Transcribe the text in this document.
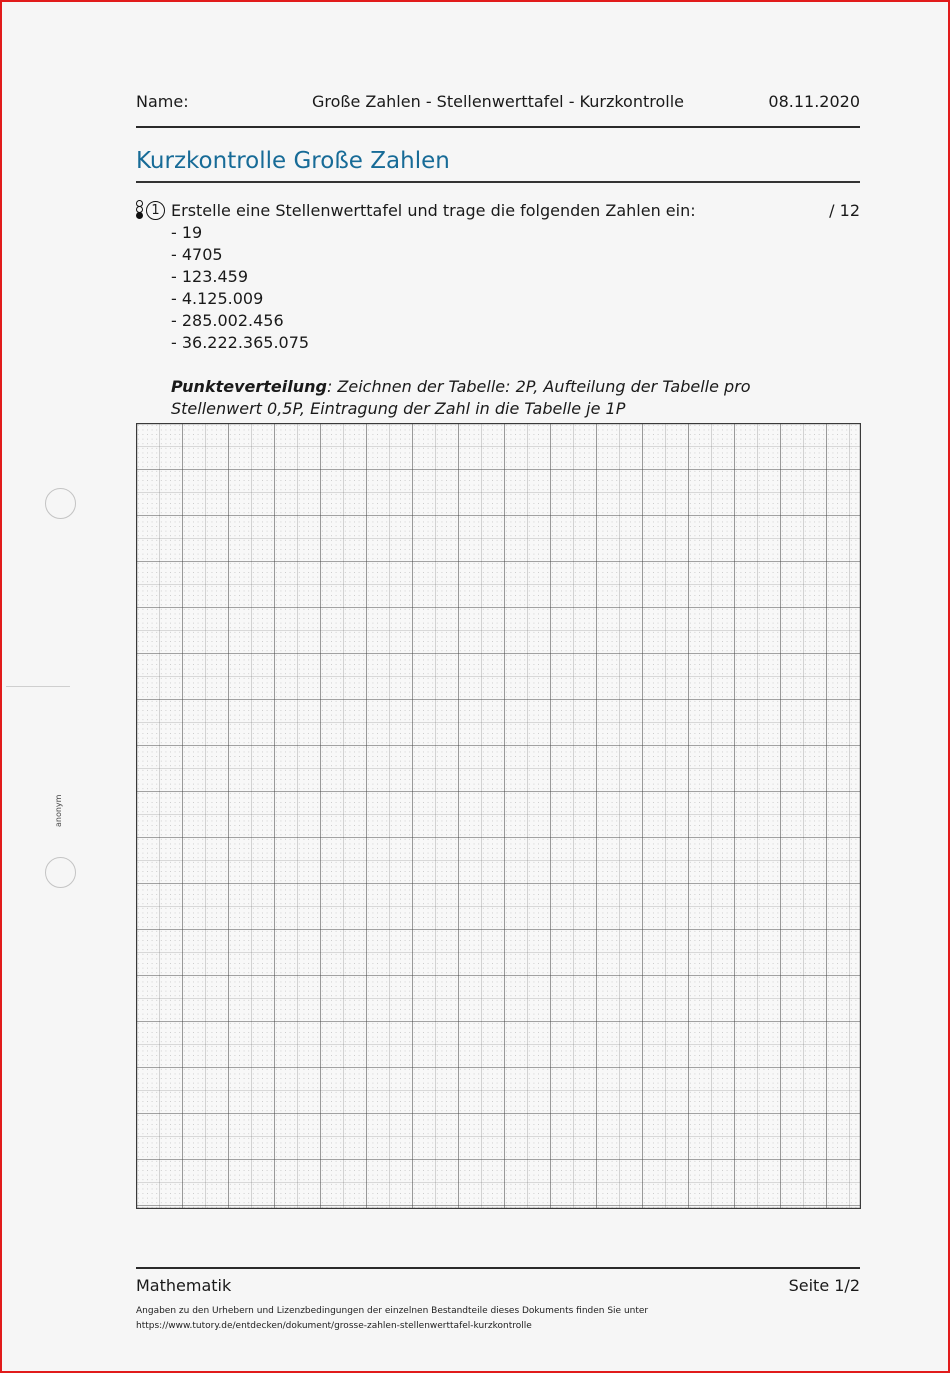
anonym
Name:	Große Zahlen - Stellenwerttafel - Kurzkontrolle	08.11.2020
Kurzkontrolle Große Zahlen
1 Erstelle eine Stellenwerttafel und trage die folgenden Zahlen ein:	/ 12
- 19
- 4705
- 123.459
- 4.125.009
- 285.002.456
- 36.222.365.075
Punkteverteilung: Zeichnen der Tabelle: 2P, Aufteilung der Tabelle pro Stellenwert 0,5P, Eintragung der Zahl in die Tabelle je 1P
Mathematik	Seite 1/2
Angaben zu den Urhebern und Lizenzbedingungen der einzelnen Bestandteile dieses Dokuments finden Sie unter
https://www.tutory.de/entdecken/dokument/grosse-zahlen-stellenwerttafel-kurzkontrolle
